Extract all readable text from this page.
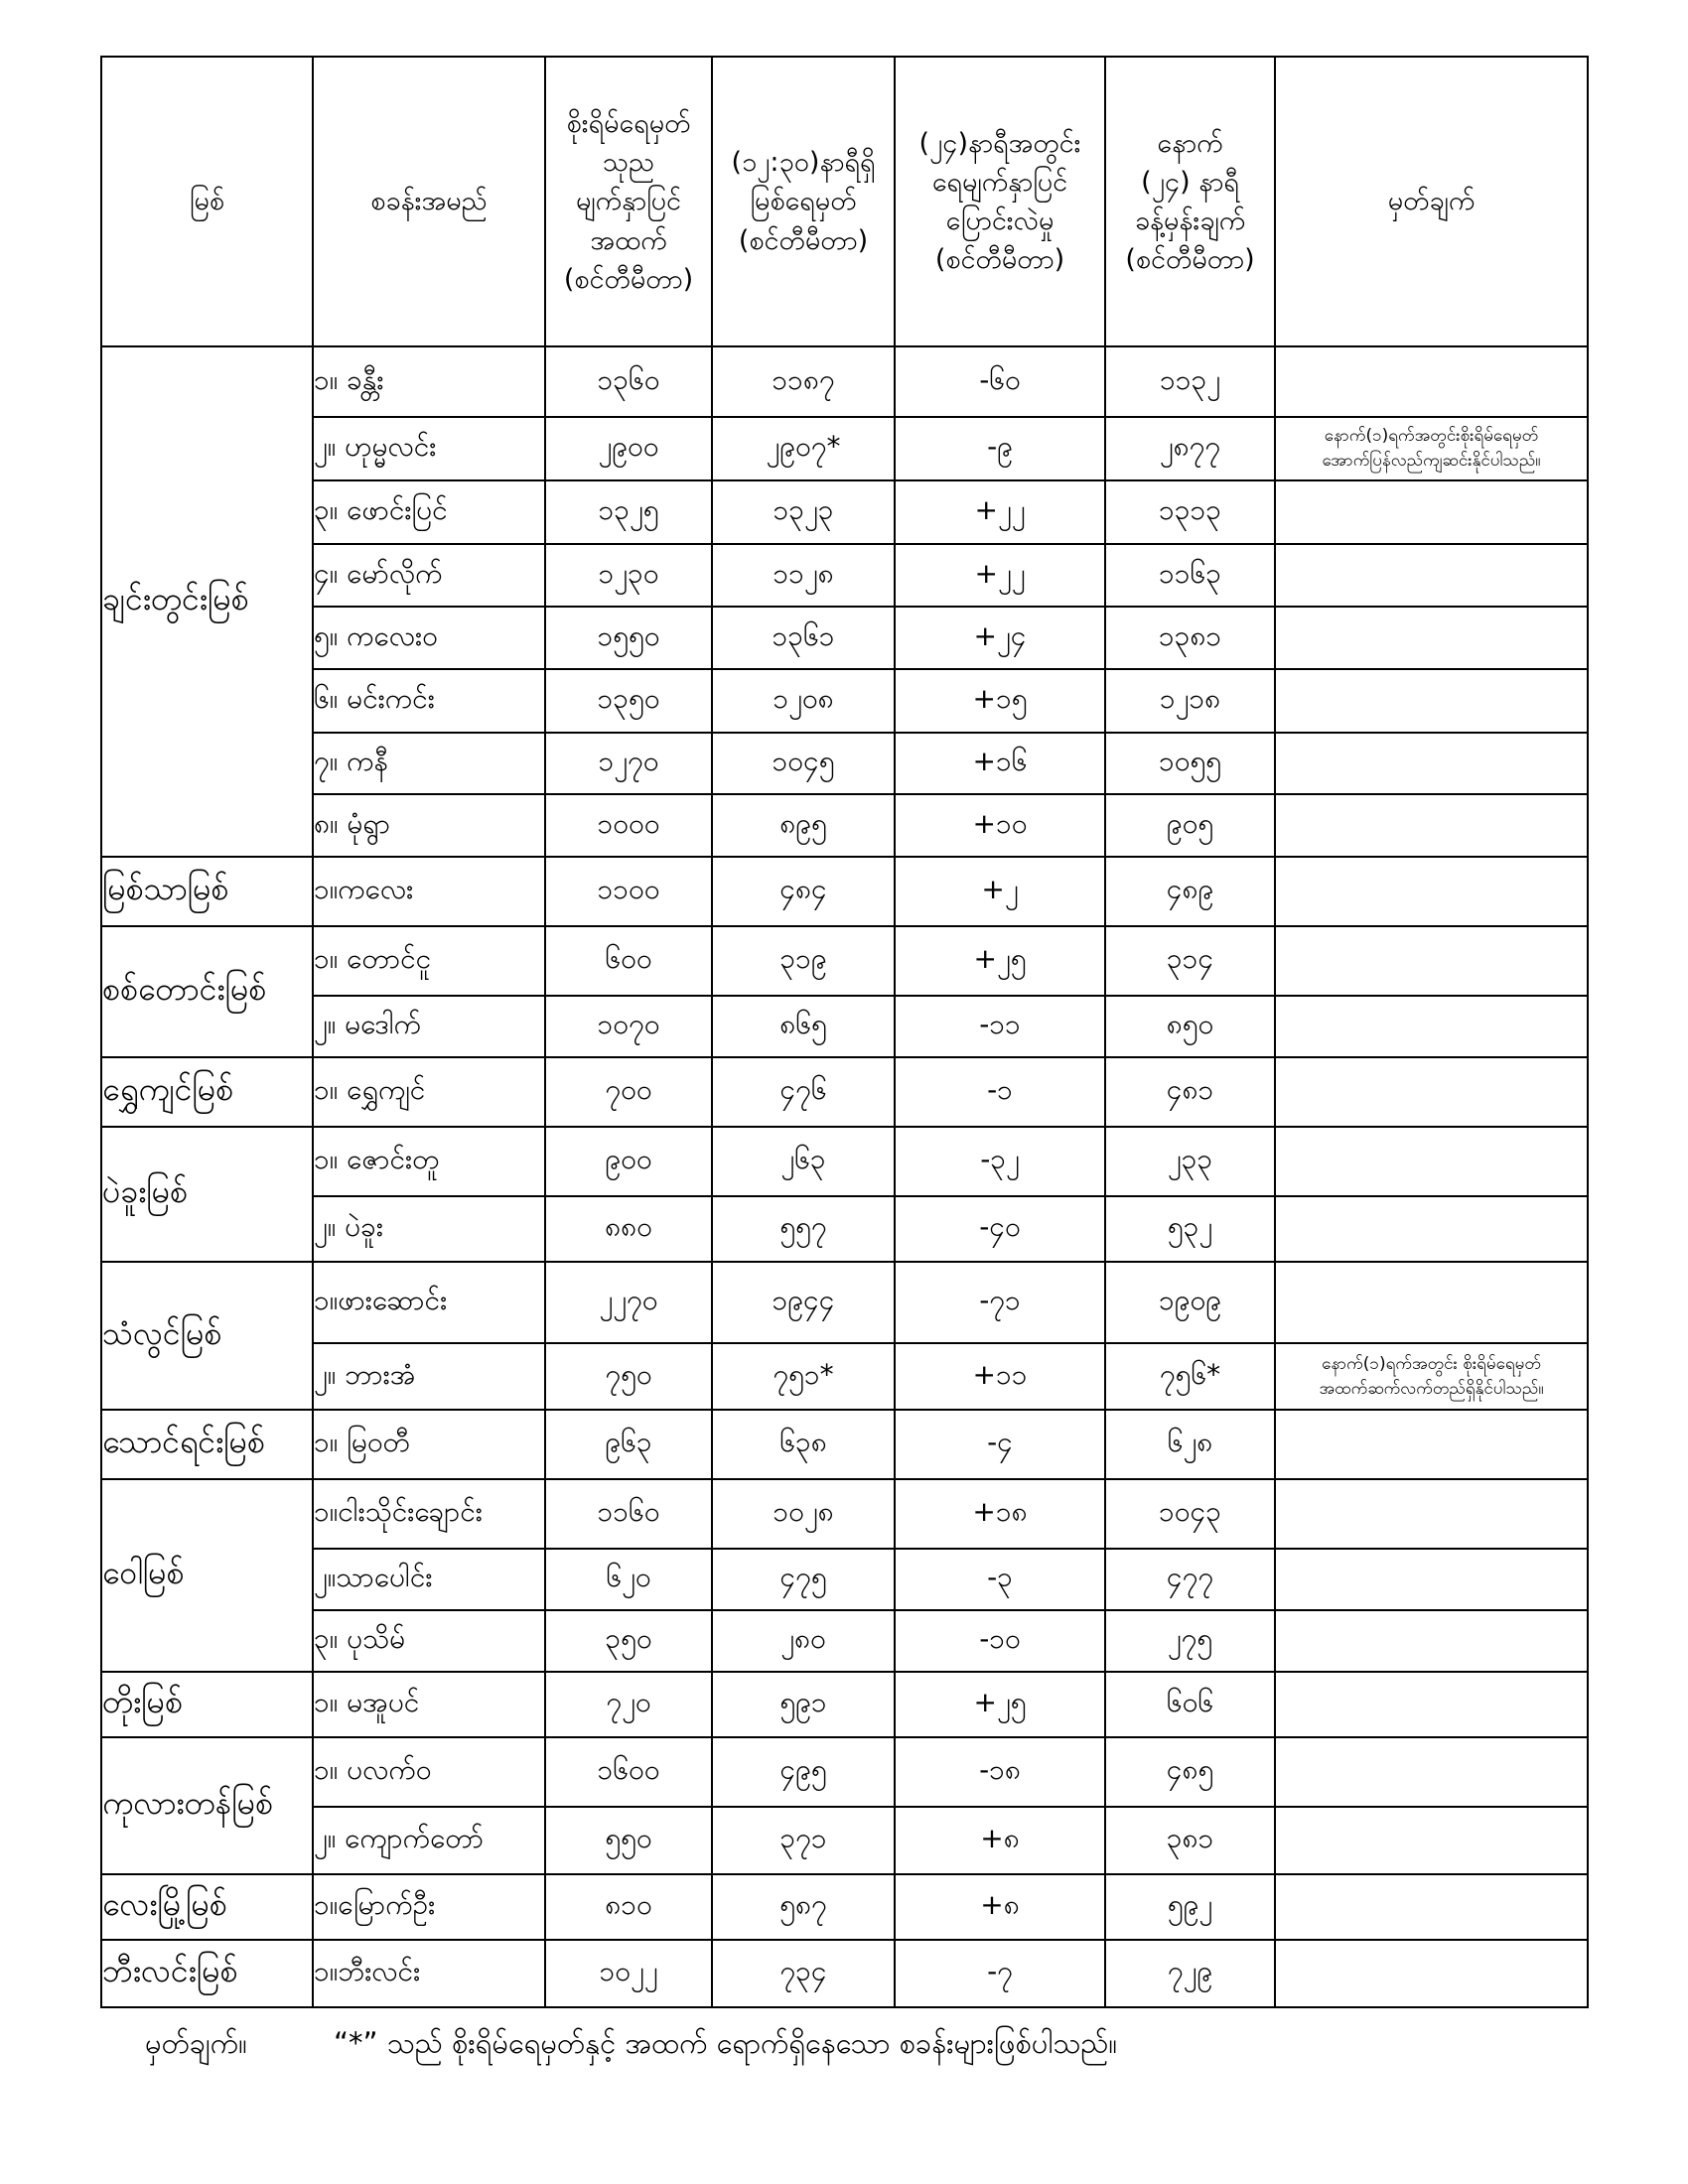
မြစ်	စခန်းအမည်	စိုးရိမ်ရေမှတ်
သုည
မျက်နှာပြင်
အထက်
(စင်တီမီတာ)	(၁၂:၃၀)နာရီရှိ
မြစ်ရေမှတ်
(စင်တီမီတာ)	(၂၄)နာရီအတွင်း
ရေမျက်နှာပြင်
ပြောင်းလဲမှု
(စင်တီမီတာ)	နောက်
(၂၄) နာရီ
ခန့်မှန်းချက်
(စင်တီမီတာ)	မှတ်ချက်

ချင်းတွင်းမြစ်	၁။ ခန္တီး	၁၃၆၀	၁၁၈၇	-၆၀	၁၁၃၂	
	၂။ ဟုမ္မလင်း	၂၉၀၀	၂၉၀၇*	-၉	၂၈၇၇	နောက်(၁)ရက်အတွင်းစိုးရိမ်ရေမှတ်
အောက်ပြန်လည်ကျဆင်းနိုင်ပါသည်။

	၃။ ဖောင်းပြင်	၁၃၂၅	၁၃၂၃	+၂၂	၁၃၁၃	
	၄။ မော်လိုက်	၁၂၃၀	၁၁၂၈	+၂၂	၁၁၆၃	
	၅။ ကလေးဝ	၁၅၅၀	၁၃၆၁	+၂၄	၁၃၈၁	
	၆။ မင်းကင်း	၁၃၅၀	၁၂၀၈	+၁၅	၁၂၁၈	
	၇။ ကနီ	၁၂၇၀	၁၀၄၅	+၁၆	၁၀၅၅	
	၈။ မုံရွာ	၁၀၀၀	၈၉၅	+၁၀	၉၀၅	
မြစ်သာမြစ်	၁။ကလေး	၁၁၀၀	၄၈၄	+၂	၄၈၉	
စစ်တောင်းမြစ်	၁။ တောင်ငူ	၆၀၀	၃၁၉	+၂၅	၃၁၄	
	၂။ မဒေါက်	၁၀၇၀	၈၆၅	-၁၁	၈၅၀	
ရွှေကျင်မြစ်	၁။ ရွှေကျင်	၇၀၀	၄၇၆	-၁	၄၈၁	
ပဲခူးမြစ်	၁။ ဇောင်းတူ	၉၀၀	၂၆၃	-၃၂	၂၃၃	
	၂။ ပဲခူး	၈၈၀	၅၅၇	-၄၀	၅၃၂	
သံလွင်မြစ်	၁။ဖားဆောင်း	၂၂၇၀	၁၉၄၄	-၇၁	၁၉၀၉	
	၂။ ဘားအံ	၇၅၀	၇၅၁*	+၁၁	၇၅၆*	နောက်(၁)ရက်အတွင်း စိုးရိမ်ရေမှတ်
အထက်ဆက်လက်တည်ရှိနိုင်ပါသည်။

သောင်ရင်းမြစ်	၁။ မြဝတီ	၉၆၃	၆၃၈	-၄	၆၂၈	
ဝေါမြစ်	၁။ငါးသိုင်းချောင်း	၁၁၆၀	၁၀၂၈	+၁၈	၁၀၄၃	
	၂။သာပေါင်း	၆၂၀	၄၇၅	-၃	၄၇၇	
	၃။ ပုသိမ်	၃၅၀	၂၈၀	-၁၀	၂၇၅	
တိုးမြစ်	၁။ မအူပင်	၇၂၀	၅၉၁	+၂၅	၆၀၆	
ကုလားတန်မြစ်	၁။ ပလက်ဝ	၁၆၀၀	၄၉၅	-၁၈	၄၈၅	
	၂။ ကျောက်တော်	၅၅၀	၃၇၁	+၈	၃၈၁	
လေးမြို့မြစ်	၁။မြောက်ဦး	၈၁၀	၅၈၇	+၈	၅၉၂	
ဘီးလင်းမြစ်	၁။ဘီးလင်း	၁၀၂၂	၇၃၄	-၇	၇၂၉	
မှတ်ချက်။	“*” သည် စိုးရိမ်ရေမှတ်နှင့် အထက် ရောက်ရှိနေသော စခန်းများဖြစ်ပါသည်။
